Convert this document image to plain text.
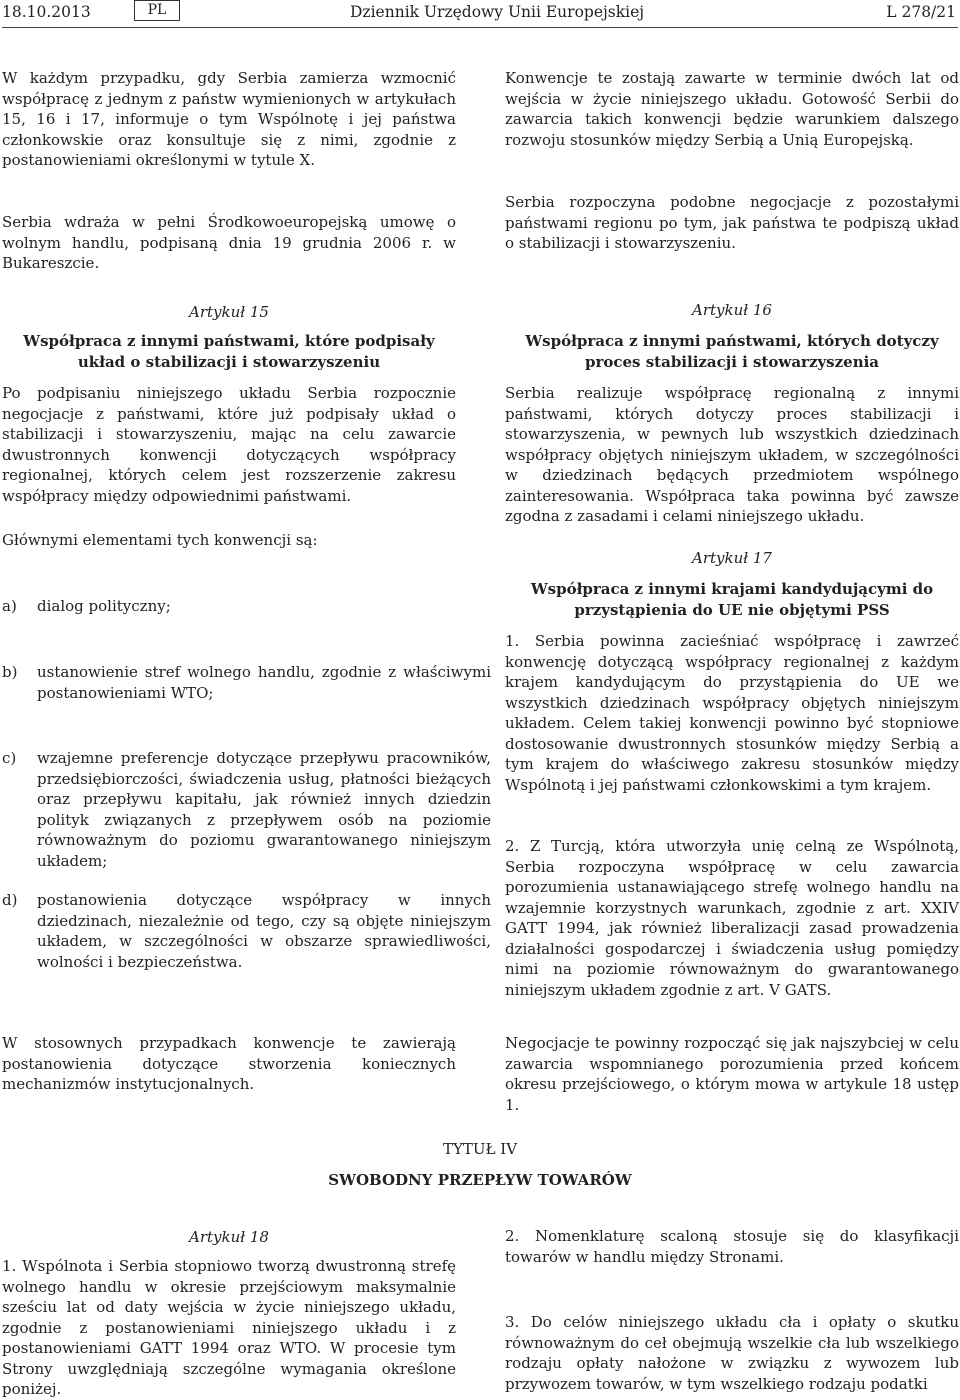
18.10.2013	PL	Dziennik Urzędowy Unii Europejskiej	L 278/21

W każdym przypadku, gdy Serbia zamierza wzmocnić współpracę z jednym z państw wymienionych w artykułach 15, 16 i 17, informuje o tym Wspólnotę i jej państwa członkowskie oraz konsultuje się z nimi, zgodnie z postanowieniami określonymi w tytule X.

Serbia wdraża w pełni Środkowoeuropejską umowę o wolnym handlu, podpisaną dnia 19 grudnia 2006 r. w Bukareszcie.

Artykuł 15

Współpraca z innymi państwami, które podpisały układ o stabilizacji i stowarzyszeniu

Po podpisaniu niniejszego układu Serbia rozpocznie negocjacje z państwami, które już podpisały układ o stabilizacji i stowarzyszeniu, mając na celu zawarcie dwustronnych konwencji dotyczących współpracy regionalnej, których celem jest rozszerzenie zakresu współpracy między odpowiednimi państwami.

Głównymi elementami tych konwencji są:

a) dialog polityczny;

b) ustanowienie stref wolnego handlu, zgodnie z właściwymi postanowieniami WTO;

c) wzajemne preferencje dotyczące przepływu pracowników, przedsiębiorczości, świadczenia usług, płatności bieżących oraz przepływu kapitału, jak również innych dziedzin polityk związanych z przepływem osób na poziomie równoważnym do poziomu gwarantowanego niniejszym układem;

d) postanowienia dotyczące współpracy w innych dziedzinach, niezależnie od tego, czy są objęte niniejszym układem, w szczególności w obszarze sprawiedliwości, wolności i bezpieczeństwa.

W stosownych przypadkach konwencje te zawierają postanowienia dotyczące stworzenia koniecznych mechanizmów instytucjonalnych.

Konwencje te zostają zawarte w terminie dwóch lat od wejścia w życie niniejszego układu. Gotowość Serbii do zawarcia takich konwencji będzie warunkiem dalszego rozwoju stosunków między Serbią a Unią Europejską.

Serbia rozpoczyna podobne negocjacje z pozostałymi państwami regionu po tym, jak państwa te podpiszą układ o stabilizacji i stowarzyszeniu.

Artykuł 16

Współpraca z innymi państwami, których dotyczy proces stabilizacji i stowarzyszenia

Serbia realizuje współpracę regionalną z innymi państwami, których dotyczy proces stabilizacji i stowarzyszenia, w pewnych lub wszystkich dziedzinach współpracy objętych niniejszym układem, w szczególności w dziedzinach będących przedmiotem wspólnego zainteresowania. Współpraca taka powinna być zawsze zgodna z zasadami i celami niniejszego układu.

Artykuł 17

Współpraca z innymi krajami kandydującymi do przystąpienia do UE nie objętymi PSS

1. Serbia powinna zacieśniać współpracę i zawrzeć konwencję dotyczącą współpracy regionalnej z każdym krajem kandydującym do przystąpienia do UE we wszystkich dziedzinach współpracy objętych niniejszym układem. Celem takiej konwencji powinno być stopniowe dostosowanie dwustronnych stosunków między Serbią a tym krajem do właściwego zakresu stosunków między Wspólnotą i jej państwami członkowskimi a tym krajem.

2. Z Turcją, która utworzyła unię celną ze Wspólnotą, Serbia rozpoczyna współpracę w celu zawarcia porozumienia ustanawiającego strefę wolnego handlu na wzajemnie korzystnych warunkach, zgodnie z art. XXIV GATT 1994, jak również liberalizacji zasad prowadzenia działalności gospodarczej i świadczenia usług pomiędzy nimi na poziomie równoważnym do gwarantowanego niniejszym układem zgodnie z art. V GATS.

Negocjacje te powinny rozpocząć się jak najszybciej w celu zawarcia wspomnianego porozumienia przed końcem okresu przejściowego, o którym mowa w artykule 18 ustęp 1.

TYTUŁ IV

SWOBODNY PRZEPŁYW TOWARÓW

Artykuł 18

1. Wspólnota i Serbia stopniowo tworzą dwustronną strefę wolnego handlu w okresie przejściowym maksymalnie sześciu lat od daty wejścia w życie niniejszego układu, zgodnie z postanowieniami niniejszego układu i z postanowieniami GATT 1994 oraz WTO. W procesie tym Strony uwzględniają szczególne wymagania określone poniżej.

2. Nomenklaturę scaloną stosuje się do klasyfikacji towarów w handlu między Stronami.

3. Do celów niniejszego układu cła i opłaty o skutku równoważnym do ceł obejmują wszelkie cła lub wszelkiego rodzaju opłaty nałożone w związku z wywozem lub przywozem towarów, w tym wszelkiego rodzaju podatki
